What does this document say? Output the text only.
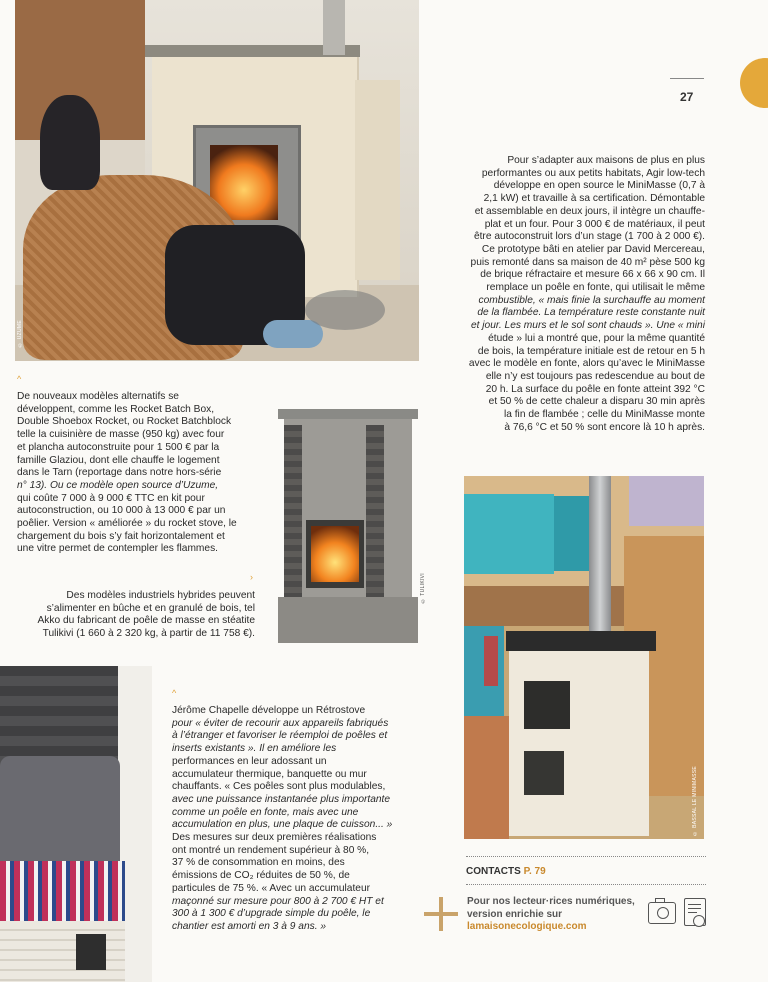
27
© UZUME
Pour s’adapter aux maisons de plus en plus
performantes ou aux petits habitats, Agir low-tech
développe en open source le MiniMasse (0,7 à
2,1 kW) et travaille à sa certification. Démontable
et assemblable en deux jours, il intègre un chauffe-
plat et un four. Pour 3 000 € de matériaux, il peut
être autoconstruit lors d’un stage (1 700 à 2 000 €).
Ce prototype bâti en atelier par David Mercereau,
puis remonté dans sa maison de 40 m² pèse 500 kg
de brique réfractaire et mesure 66 x 66 x 90 cm. Il
remplace un poêle en fonte, qui utilisait le même
combustible, « mais finie la surchauffe au moment
de la flambée. La température reste constante nuit
et jour. Les murs et le sol sont chauds ». Une « mini
étude » lui a montré que, pour la même quantité
de bois, la température initiale est de retour en 5 h
avec le modèle en fonte, alors qu’avec le MiniMasse
elle n’y est toujours pas redescendue au bout de
20 h. La surface du poêle en fonte atteint 392 °C
et 50 % de cette chaleur a disparu 30 min après
la fin de flambée ; celle du MiniMasse monte
à 76,6 °C et 50 % sont encore là 10 h après.
^
De nouveaux modèles alternatifs se
développent, comme les Rocket Batch Box,
Double Shoebox Rocket, ou Rocket Batchblock
telle la cuisinière de masse (950 kg) avec four
et plancha autoconstruite pour 1 500 € par la
famille Glaziou, dont elle chauffe le logement
dans le Tarn (reportage dans notre hors-série
n° 13). Ou ce modèle open source d’Uzume,
qui coûte 7 000 à 9 000 € TTC en kit pour
autoconstruction, ou 10 000 à 13 000 € par un
poêlier. Version « améliorée » du rocket stove, le
chargement du bois s’y fait horizontalement et
une vitre permet de contempler les flammes.
© TULIKIVI
›
Des modèles industriels hybrides peuvent
s’alimenter en bûche et en granulé de bois, tel
Akko du fabricant de poêle de masse en stéatite
Tulikivi (1 660 à 2 320 kg, à partir de 11 758 €).
© BASSAL LE MINIMASSE
^
Jérôme Chapelle développe un Rétrostove
pour « éviter de recourir aux appareils fabriqués
à l’étranger et favoriser le réemploi de poêles et
inserts existants ». Il en améliore les
performances en leur adossant un
accumulateur thermique, banquette ou mur
chauffants. « Ces poêles sont plus modulables,
avec une puissance instantanée plus importante
comme un poêle en fonte, mais avec une
accumulation en plus, une plaque de cuisson... »
Des mesures sur deux premières réalisations
ont montré un rendement supérieur à 80 %,
37 % de consommation en moins, des
émissions de CO₂ réduites de 50 %, de
particules de 75 %. « Avec un accumulateur
maçonné sur mesure pour 800 à 2 700 € HT et
300 à 1 300 € d’upgrade simple du poêle, le
chantier est amorti en 3 à 9 ans. »
CONTACTS P. 79
Pour nos lecteur·rices numériques,
version enrichie sur
lamaisonecologique.com
